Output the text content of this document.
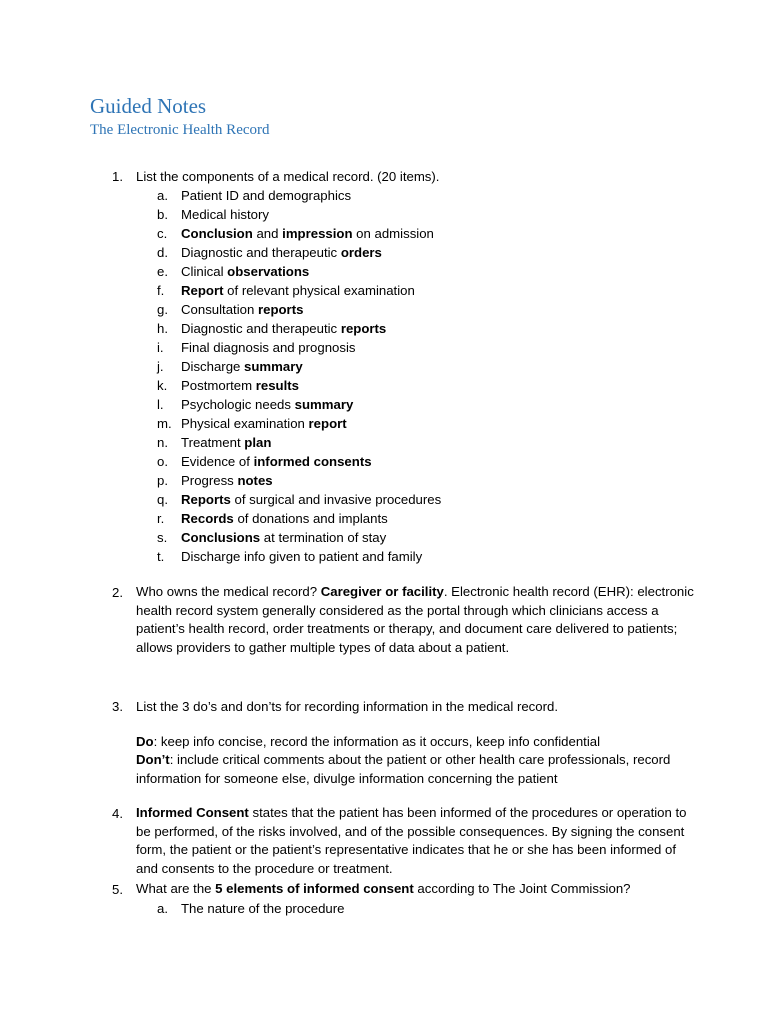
Guided Notes
The Electronic Health Record
1. List the components of a medical record. (20 items).
a. Patient ID and demographics
b. Medical history
c.	Conclusion and impression on admission
d. Diagnostic and therapeutic orders
e. Clinical observations
f.	Report of relevant physical examination
g. Consultation reports
h. Diagnostic and therapeutic reports
i.	Final diagnosis and prognosis
j.	Discharge summary
k.	Postmortem results
l.	Psychologic needs summary
m. Physical examination report
n. Treatment plan
o. Evidence of informed consents
p. Progress notes
q. Reports of surgical and invasive procedures
r.	Records of donations and implants
s.	Conclusions at termination of stay
t.	Discharge info given to patient and family
2. Who owns the medical record? Caregiver or facility. Electronic health record (EHR): electronic health record system generally considered as the portal through which clinicians access a patient’s health record, order treatments or therapy, and document care delivered to patients; allows providers to gather multiple types of data about a patient.
3. List the 3 do’s and don’ts for recording information in the medical record.
Do: keep info concise, record the information as it occurs, keep info confidential
Don’t: include critical comments about the patient or other health care professionals, record information for someone else, divulge information concerning the patient
4. Informed Consent states that the patient has been informed of the procedures or operation to be performed, of the risks involved, and of the possible consequences. By signing the consent form, the patient or the patient’s representative indicates that he or she has been informed of and consents to the procedure or treatment.
5. What are the 5 elements of informed consent according to The Joint Commission?
a. The nature of the procedure
